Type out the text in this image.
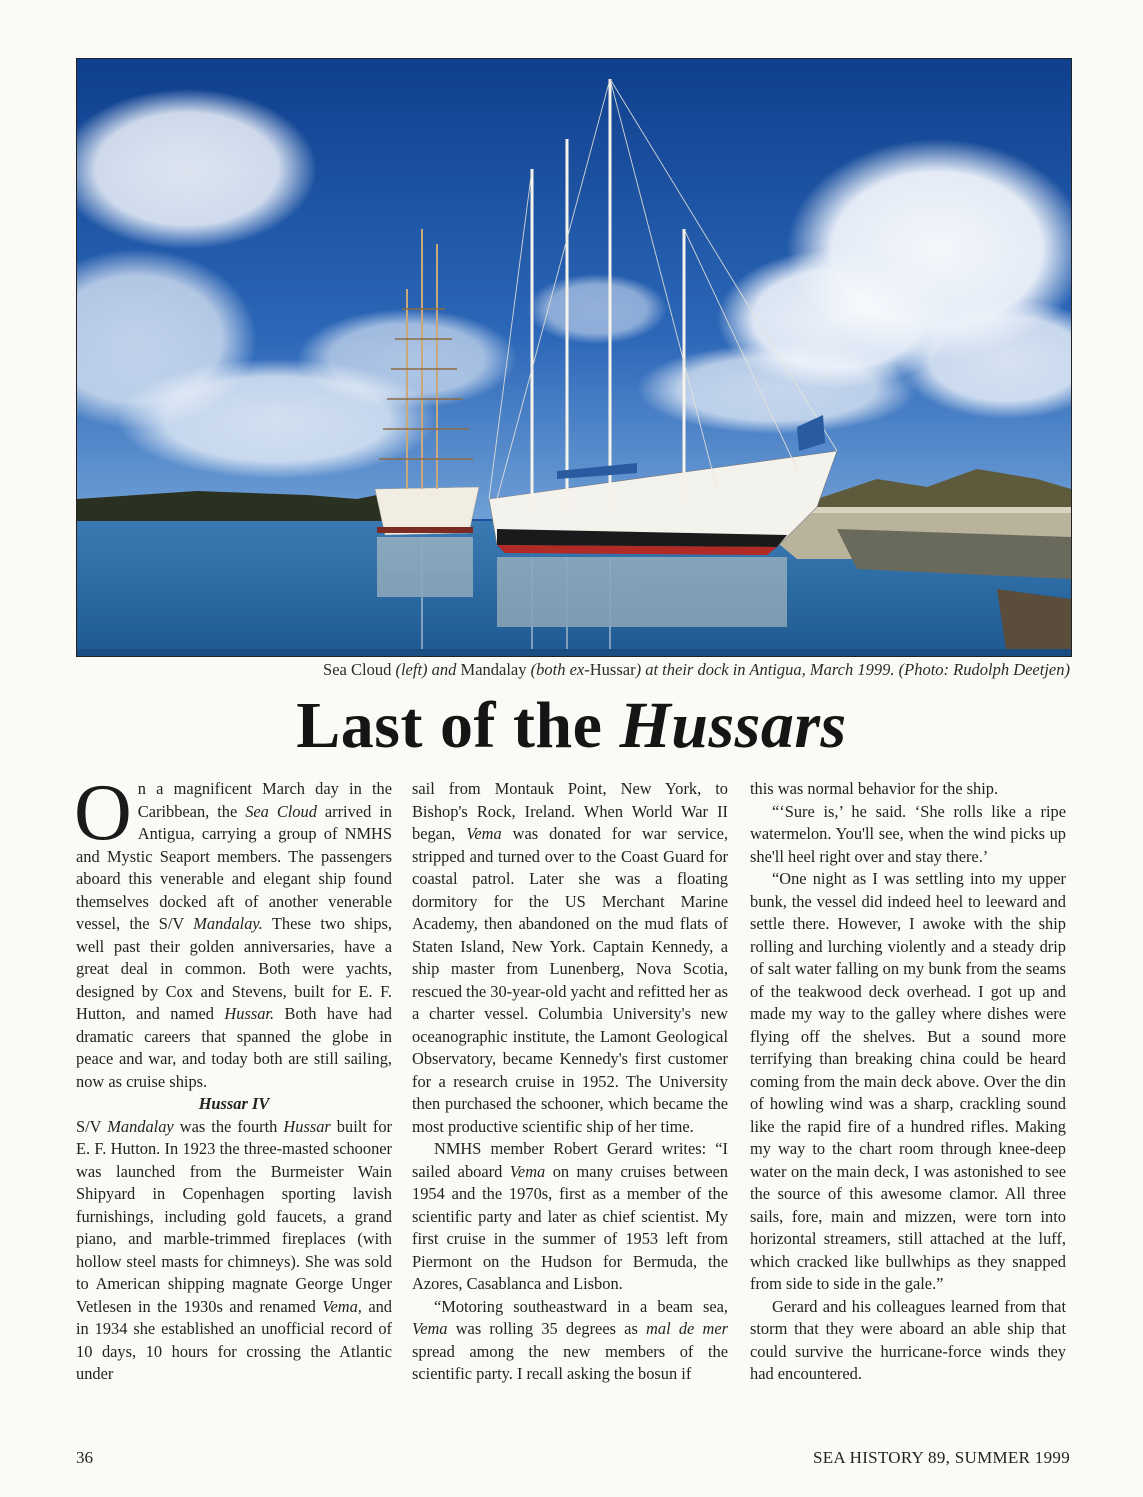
Sea Cloud (left) and Mandalay (both ex-Hussar) at their dock in Antigua, March 1999. (Photo: Rudolph Deetjen)
Last of the Hussars

On a magnificent March day in the Caribbean, the Sea Cloud arrived in Antigua, carrying a group of NMHS and Mystic Seaport members. The passengers aboard this venerable and elegant ship found themselves docked aft of another venerable vessel, the S/V Mandalay. These two ships, well past their golden anniversaries, have a great deal in common. Both were yachts, designed by Cox and Stevens, built for E. F. Hutton, and named Hussar. Both have had dramatic careers that spanned the globe in peace and war, and today both are still sailing, now as cruise ships.

Hussar IV

S/V Mandalay was the fourth Hussar built for E. F. Hutton. In 1923 the three-masted schooner was launched from the Burmeister Wain Shipyard in Copenhagen sporting lavish furnishings, including gold faucets, a grand piano, and marble-trimmed fireplaces (with hollow steel masts for chimneys). She was sold to American shipping magnate George Unger Vetlesen in the 1930s and renamed Vema, and in 1934 she established an unofficial record of 10 days, 10 hours for crossing the Atlantic under

sail from Montauk Point, New York, to Bishop's Rock, Ireland. When World War II began, Vema was donated for war service, stripped and turned over to the Coast Guard for coastal patrol. Later she was a floating dormitory for the US Merchant Marine Academy, then abandoned on the mud flats of Staten Island, New York. Captain Kennedy, a ship master from Lunenberg, Nova Scotia, rescued the 30-year-old yacht and refitted her as a charter vessel. Columbia University's new oceanographic institute, the Lamont Geological Observatory, became Kennedy's first customer for a research cruise in 1952. The University then purchased the schooner, which became the most productive scientific ship of her time.

NMHS member Robert Gerard writes: “I sailed aboard Vema on many cruises between 1954 and the 1970s, first as a member of the scientific party and later as chief scientist. My first cruise in the summer of 1953 left from Piermont on the Hudson for Bermuda, the Azores, Casablanca and Lisbon.

“Motoring southeastward in a beam sea, Vema was rolling 35 degrees as mal de mer spread among the new members of the scientific party. I recall asking the bosun if

this was normal behavior for the ship.

“‘Sure is,’ he said. ‘She rolls like a ripe watermelon. You'll see, when the wind picks up she'll heel right over and stay there.’

“One night as I was settling into my upper bunk, the vessel did indeed heel to leeward and settle there. However, I awoke with the ship rolling and lurching violently and a steady drip of salt water falling on my bunk from the seams of the teakwood deck overhead. I got up and made my way to the galley where dishes were flying off the shelves. But a sound more terrifying than breaking china could be heard coming from the main deck above. Over the din of howling wind was a sharp, crackling sound like the rapid fire of a hundred rifles. Making my way to the chart room through knee-deep water on the main deck, I was astonished to see the source of this awesome clamor. All three sails, fore, main and mizzen, were torn into horizontal streamers, still attached at the luff, which cracked like bullwhips as they snapped from side to side in the gale.”

Gerard and his colleagues learned from that storm that they were aboard an able ship that could survive the hurricane-force winds they had encountered.

36	SEA HISTORY 89, SUMMER 1999
